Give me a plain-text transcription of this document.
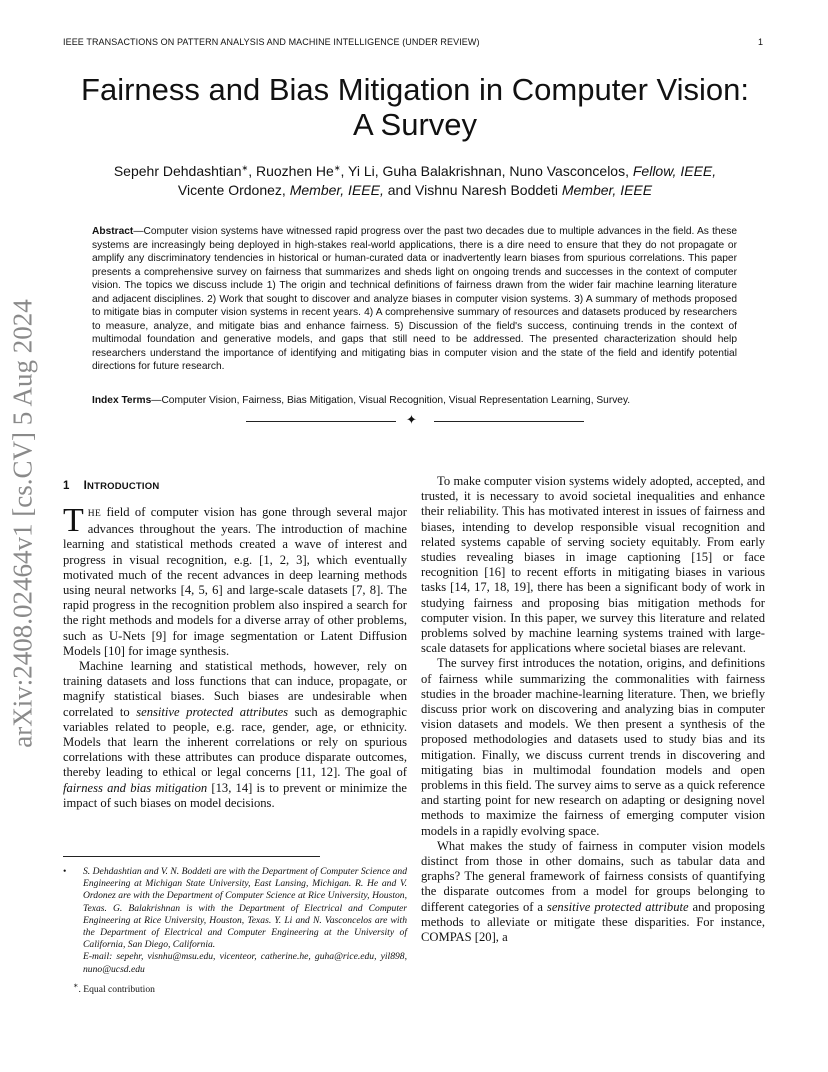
IEEE TRANSACTIONS ON PATTERN ANALYSIS AND MACHINE INTELLIGENCE (UNDER REVIEW)	1
arXiv:2408.02464v1 [cs.CV] 5 Aug 2024
Fairness and Bias Mitigation in Computer Vision:
A Survey
Sepehr Dehdashtian∗, Ruozhen He∗, Yi Li, Guha Balakrishnan, Nuno Vasconcelos, Fellow, IEEE,
Vicente Ordonez, Member, IEEE, and Vishnu Naresh Boddeti Member, IEEE
Abstract—Computer vision systems have witnessed rapid progress over the past two decades due to multiple advances in the field. As these systems are increasingly being deployed in high-stakes real-world applications, there is a dire need to ensure that they do not propagate or amplify any discriminatory tendencies in historical or human-curated data or inadvertently learn biases from spurious correlations. This paper presents a comprehensive survey on fairness that summarizes and sheds light on ongoing trends and successes in the context of computer vision. The topics we discuss include 1) The origin and technical definitions of fairness drawn from the wider fair machine learning literature and adjacent disciplines. 2) Work that sought to discover and analyze biases in computer vision systems. 3) A summary of methods proposed to mitigate bias in computer vision systems in recent years. 4) A comprehensive summary of resources and datasets produced by researchers to measure, analyze, and mitigate bias and enhance fairness. 5) Discussion of the field's success, continuing trends in the context of multimodal foundation and generative models, and gaps that still need to be addressed. The presented characterization should help researchers understand the importance of identifying and mitigating bias in computer vision and the state of the field and identify potential directions for future research.
Index Terms—Computer Vision, Fairness, Bias Mitigation, Visual Recognition, Visual Representation Learning, Survey.
✦
1 INTRODUCTION

THE field of computer vision has gone through several major advances throughout the years. The introduction of machine learning and statistical methods created a wave of interest and progress in visual recognition, e.g. [ 1, 2, 3 ] , which eventually motivated much of the recent advances in deep learning methods using neural networks [ 4, 5, 6 ] and large-scale datasets [ 7, 8 ] . The rapid progress in the recognition problem also inspired a search for the right methods and models for a diverse array of other problems, such as U-Nets [ 9 ] for image segmentation or Latent Diffusion Models [ 10 ] for image synthesis.

Machine learning and statistical methods, however, rely on training datasets and loss functions that can induce, propagate, or magnify statistical biases. Such biases are undesirable when correlated to sensitive protected attributes such as demographic variables related to people, e.g. race, gender, age, or ethnicity. Models that learn the inherent correlations or rely on spurious correlations with these attributes can produce disparate outcomes, thereby leading to ethical or legal concerns [ 11, 12 ] . The goal of fairness and bias mitigation [ 13, 14 ] is to prevent or minimize the impact of such biases on model decisions.

• S. Dehdashtian and V. N. Boddeti are with the Department of Computer Science and Engineering at Michigan State University, East Lansing, Michigan. R. He and V. Ordonez are with the Department of Computer Science at Rice University, Houston, Texas. G. Balakrishnan is with the Department of Electrical and Computer Engineering at Rice University, Houston, Texas. Y. Li and N. Vasconcelos are with the Department of Electrical and Computer Engineering at the University of California, San Diego, California.
E-mail: sepehr, visnhu@msu.edu, vicenteor, catherine.he, guha@rice.edu, yil898, nuno@ucsd.edu
∗. Equal contribution

To make computer vision systems widely adopted, accepted, and trusted, it is necessary to avoid societal inequalities and enhance their reliability. This has motivated interest in issues of fairness and biases, intending to develop responsible visual recognition and related systems capable of serving society equitably. From early studies revealing biases in image captioning [ 15 ] or face recognition [ 16 ] to recent efforts in mitigating biases in various tasks [ 14, 17, 18, 19 ] , there has been a significant body of work in studying fairness and proposing bias mitigation methods for computer vision. In this paper, we survey this literature and related problems solved by machine learning systems trained with large-scale datasets for applications where societal biases are relevant.

The survey first introduces the notation, origins, and definitions of fairness while summarizing the commonalities with fairness studies in the broader machine-learning literature. Then, we briefly discuss prior work on discovering and analyzing bias in computer vision datasets and models. We then present a synthesis of the proposed methodologies and datasets used to study bias and its mitigation. Finally, we discuss current trends in discovering and mitigating bias in multimodal foundation models and open problems in this field. The survey aims to serve as a quick reference and starting point for new research on adapting or designing novel methods to maximize the fairness of emerging computer vision models in a rapidly evolving space.

What makes the study of fairness in computer vision models distinct from those in other domains, such as tabular data and graphs? The general framework of fairness consists of quantifying the disparate outcomes from a model for groups belonging to different categories of a sensitive protected attribute and proposing methods to alleviate or mitigate these disparities. For instance, COMPAS [ 20 ] , a
